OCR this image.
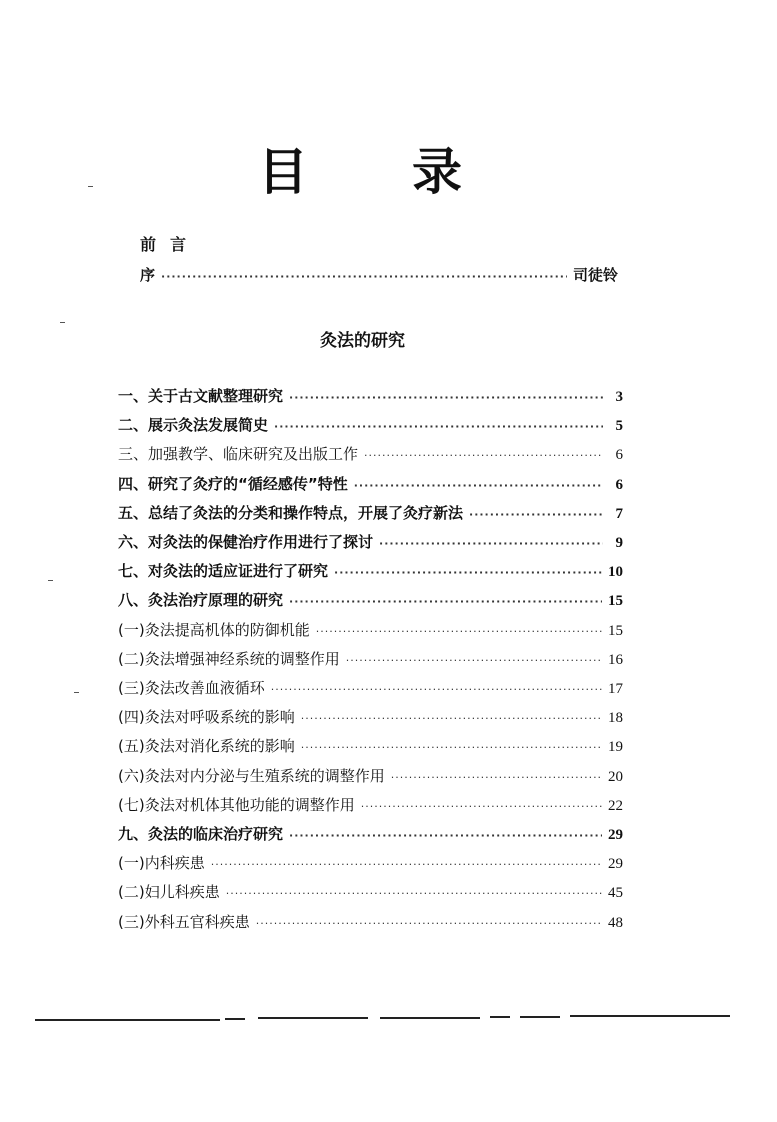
目 录
前言
序 ·····	司徒铃
灸法的研究
一、关于古文献整理研究 ·····	3
二、展示灸法发展简史 ·····	5
三、加强教学、临床研究及出版工作 ·····	6
四、研究了灸疗的“循经感传”特性 ·····	6
五、总结了灸法的分类和操作特点，开展了灸疗新法 ·····	7
六、对灸法的保健治疗作用进行了探讨 ·····	9
七、对灸法的适应证进行了研究 ·····	10
八、灸法治疗原理的研究 ·····	15
(一)灸法提高机体的防御机能 ·····	15
(二)灸法增强神经系统的调整作用 ·····	16
(三)灸法改善血液循环 ·····	17
(四)灸法对呼吸系统的影响 ·····	18
(五)灸法对消化系统的影响 ·····	19
(六)灸法对内分泌与生殖系统的调整作用 ·····	20
(七)灸法对机体其他功能的调整作用 ·····	22
九、灸法的临床治疗研究 ·····	29
(一)内科疾患 ·····	29
(二)妇儿科疾患 ·····	45
(三)外科五官科疾患 ·····	48
